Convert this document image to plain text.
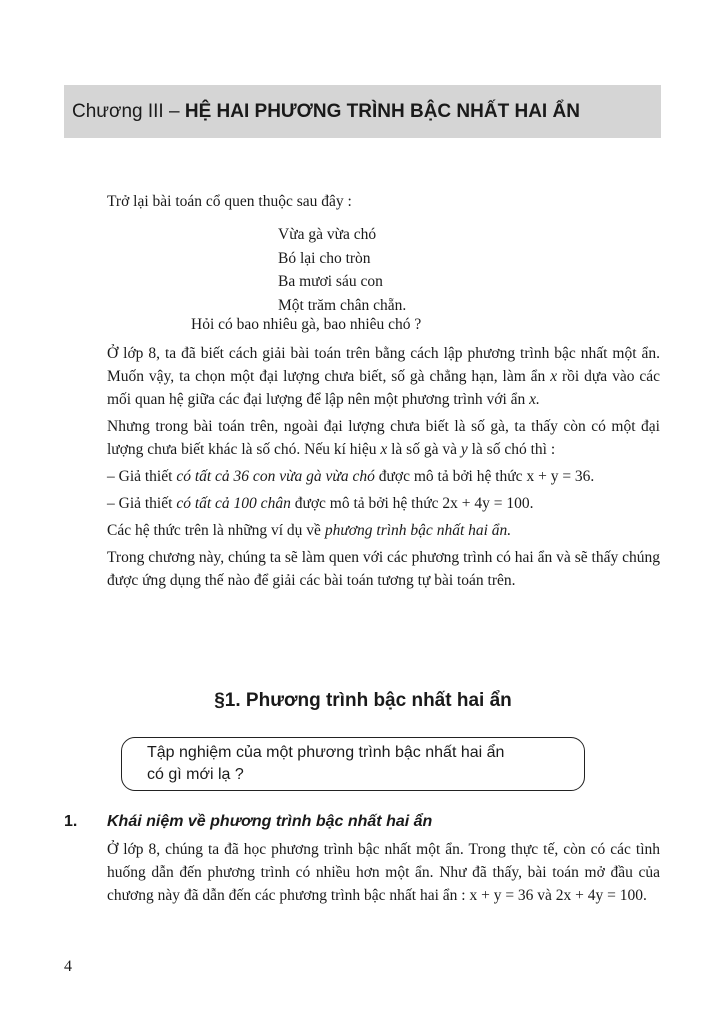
Chương III –
HỆ HAI PHƯƠNG TRÌNH BẬC NHẤT HAI ẨN
Trở lại bài toán cổ quen thuộc sau đây :
Vừa gà vừa chó
Bó lại cho tròn
Ba mươi sáu con
Một trăm chân chẵn.
Hỏi có bao nhiêu gà, bao nhiêu chó ?

Ở lớp 8, ta đã biết cách giải bài toán trên bằng cách lập phương trình bậc nhất một ẩn. Muốn vậy, ta chọn một đại lượng chưa biết, số gà chẳng hạn, làm ẩn x rồi dựa vào các mối quan hệ giữa các đại lượng để lập nên một phương trình với ẩn x.

Nhưng trong bài toán trên, ngoài đại lượng chưa biết là số gà, ta thấy còn có một đại lượng chưa biết khác là số chó. Nếu kí hiệu x là số gà và y là số chó thì :

– Giả thiết có tất cả 36 con vừa gà vừa chó được mô tả bởi hệ thức x + y = 36.

– Giả thiết có tất cả 100 chân được mô tả bởi hệ thức 2x + 4y = 100.

Các hệ thức trên là những ví dụ về phương trình bậc nhất hai ẩn.

Trong chương này, chúng ta sẽ làm quen với các phương trình có hai ẩn và sẽ thấy chúng được ứng dụng thế nào để giải các bài toán tương tự bài toán trên.

§1. Phương trình bậc nhất hai ẩn
Tập nghiệm của một phương trình bậc nhất hai ẩn
có gì mới lạ ?
1. Khái niệm về phương trình bậc nhất hai ẩn

Ở lớp 8, chúng ta đã học phương trình bậc nhất một ẩn. Trong thực tế, còn có các tình huống dẫn đến phương trình có nhiều hơn một ẩn. Như đã thấy, bài toán mở đầu của chương này đã dẫn đến các phương trình bậc nhất hai ẩn : x + y = 36 và 2x + 4y = 100.

4
